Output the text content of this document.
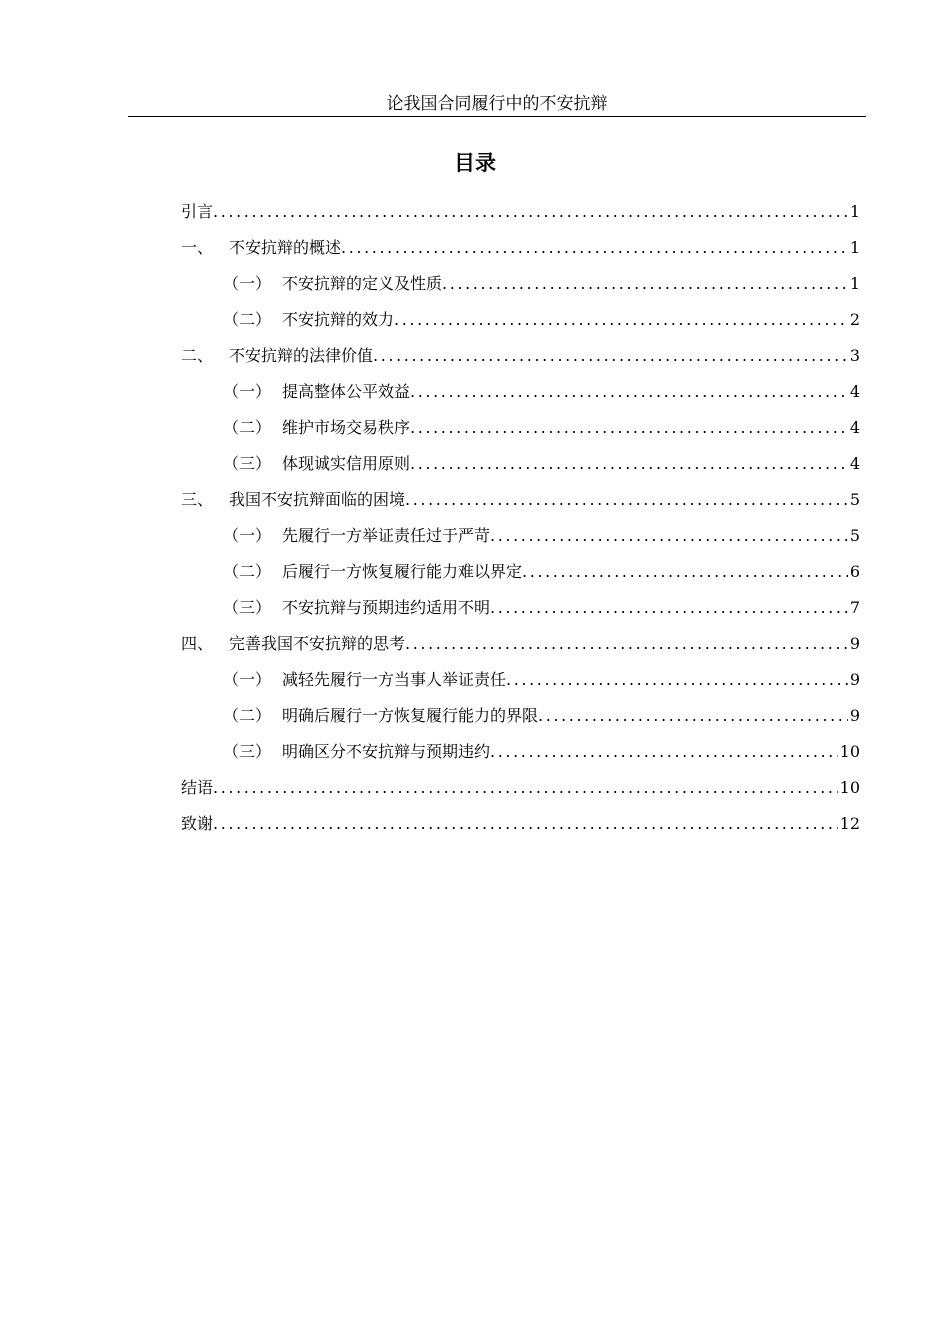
论我国合同履行中的不安抗辩
目录
引言 .....	1
一、 不安抗辩的概述 .....	1
（一） 不安抗辩的定义及性质 .....	1
（二） 不安抗辩的效力 .....	2
二、 不安抗辩的法律价值 .....	3
（一） 提高整体公平效益 .....	4
（二） 维护市场交易秩序 .....	4
（三） 体现诚实信用原则 .....	4
三、 我国不安抗辩面临的困境 .....	5
（一） 先履行一方举证责任过于严苛 .....	5
（二） 后履行一方恢复履行能力难以界定 .....	6
（三） 不安抗辩与预期违约适用不明 .....	7
四、 完善我国不安抗辩的思考 .....	9
（一） 减轻先履行一方当事人举证责任 .....	9
（二） 明确后履行一方恢复履行能力的界限 .....	9
（三） 明确区分不安抗辩与预期违约 .....	10
结语 .....	10
致谢 .....	12
